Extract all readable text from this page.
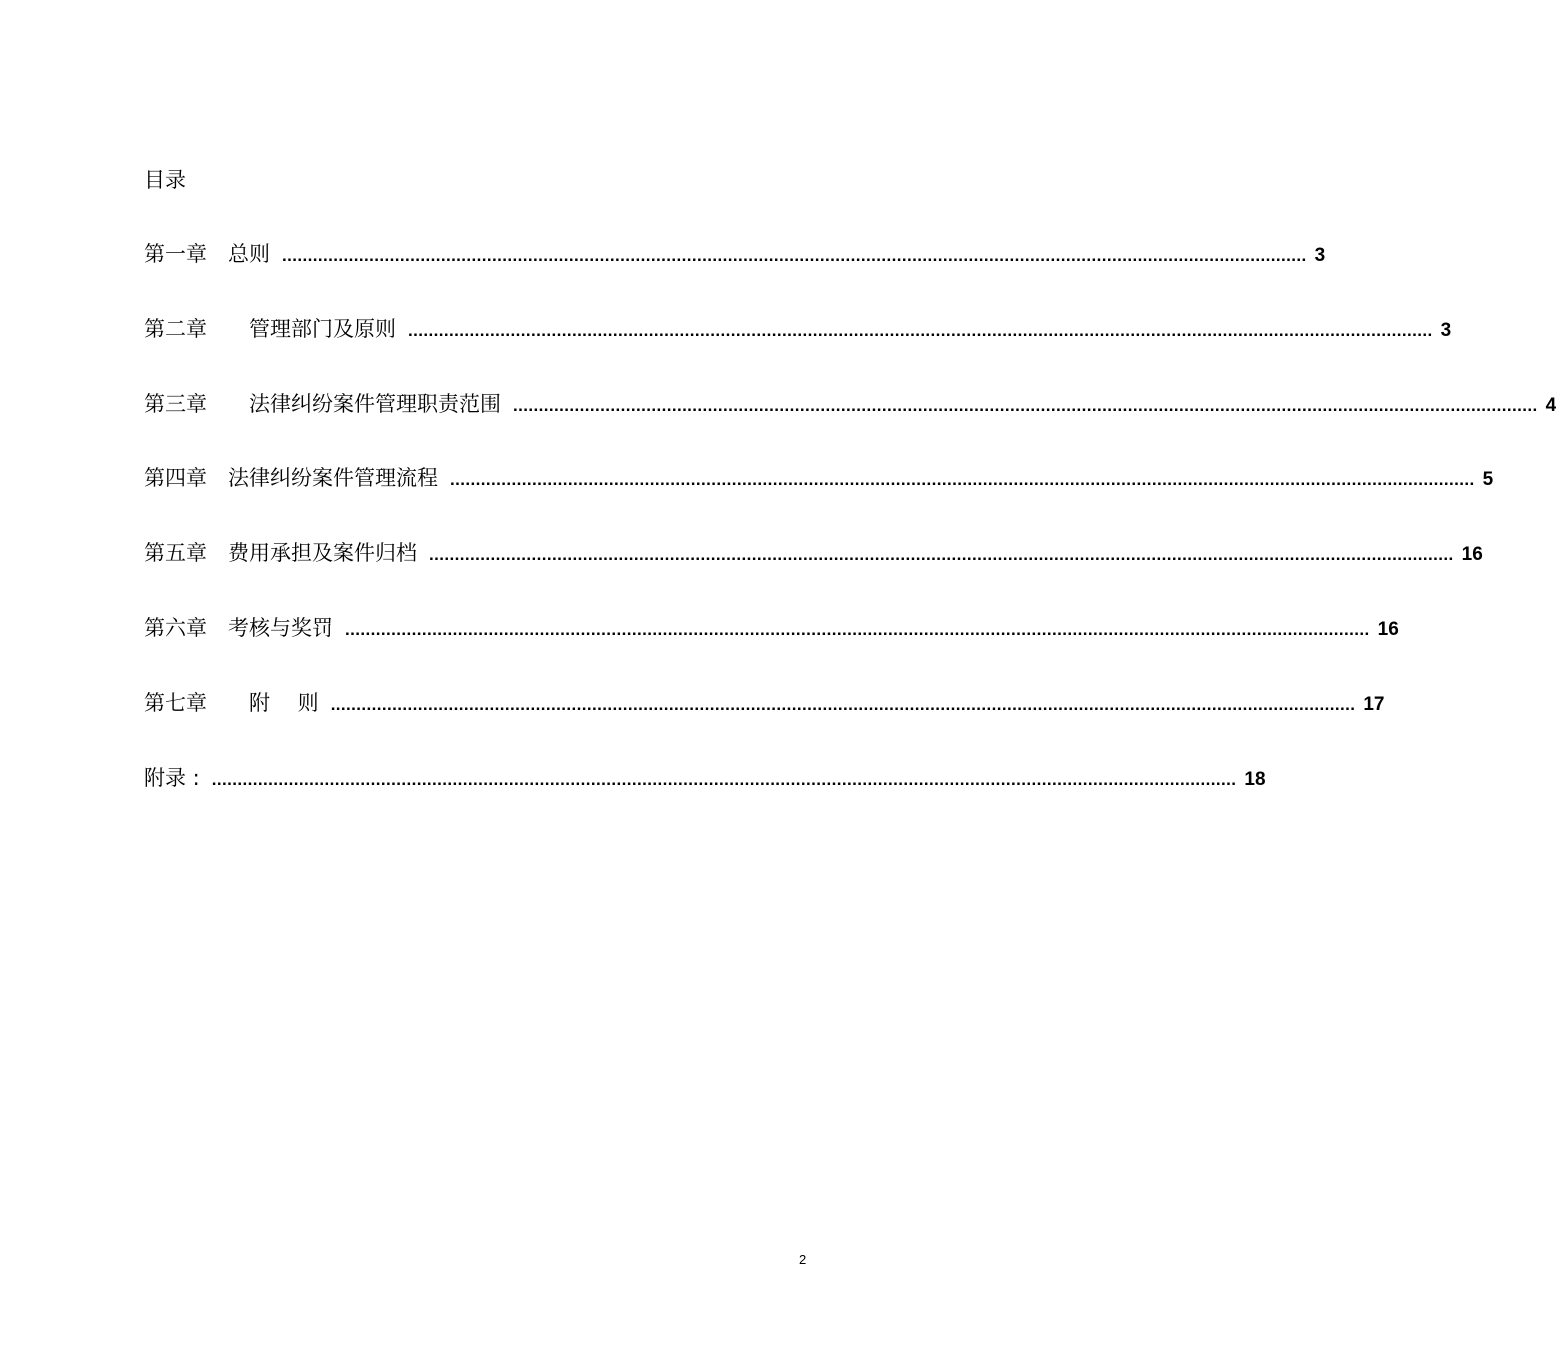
目录
第一章　总则 ........................................................................................................................................................................................................ 3
第二章　　管理部门及原则 ........................................................................................................................................................................................................ 3
第三章　　法律纠纷案件管理职责范围 ........................................................................................................................................................................................................ 4
第四章　法律纠纷案件管理流程 ........................................................................................................................................................................................................ 5
第五章　费用承担及案件归档 ........................................................................................................................................................................................................ 16
第六章　考核与奖罚 ........................................................................................................................................................................................................ 16
第七章　　附　 则 ........................................................................................................................................................................................................ 17
附录 : ........................................................................................................................................................................................................ 18
2
